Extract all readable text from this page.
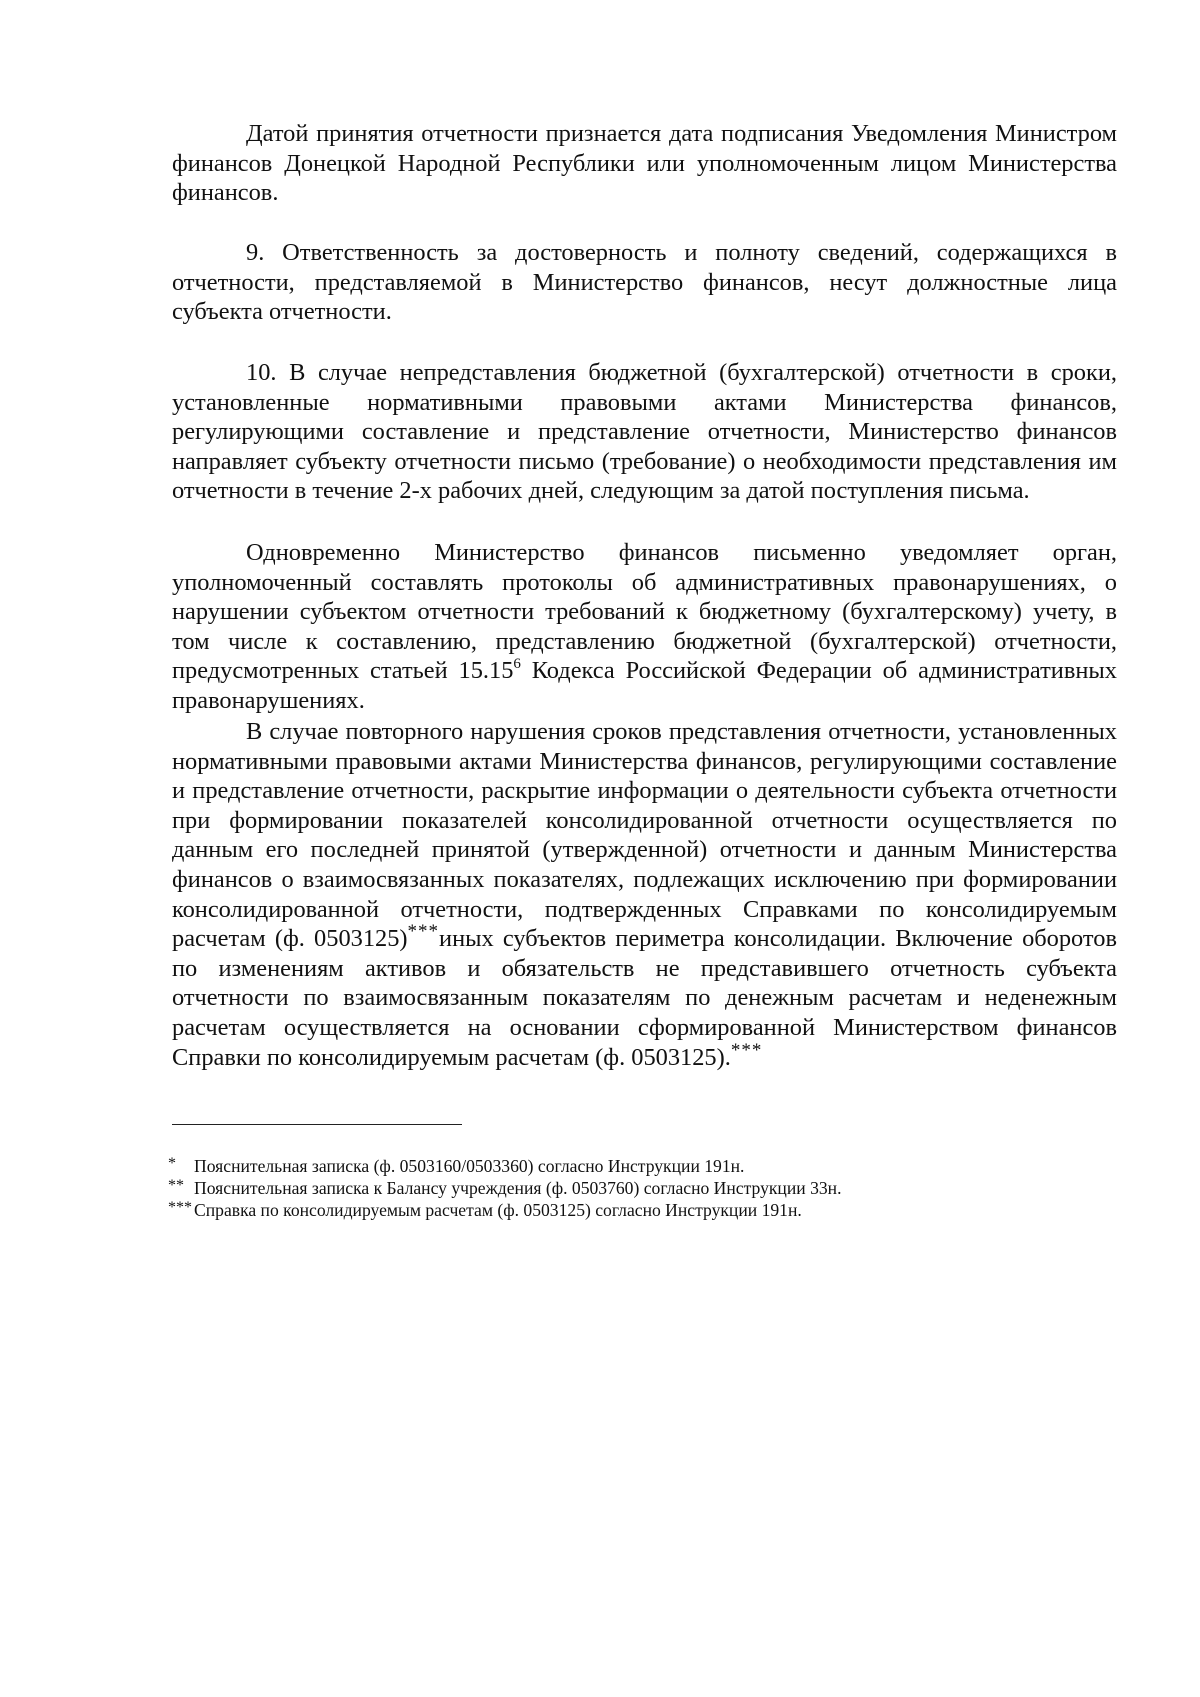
Датой принятия отчетности признается дата подписания Уведомления Министром финансов Донецкой Народной Республики или уполномоченным лицом Министерства финансов.

9. Ответственность за достоверность и полноту сведений, содержащихся в отчетности, представляемой в Министерство финансов, несут должностные лица субъекта отчетности.

10. В случае непредставления бюджетной (бухгалтерской) отчетности в сроки, установленные нормативными правовыми актами Министерства финансов, регулирующими составление и представление отчетности, Министерство финансов направляет субъекту отчетности письмо (требование) о необходимости представления им отчетности в течение 2-х рабочих дней, следующим за датой поступления письма.

Одновременно Министерство финансов письменно уведомляет орган, уполномоченный составлять протоколы об административных правонарушениях, о нарушении субъектом отчетности требований к бюджетному (бухгалтерскому) учету, в том числе к составлению, представлению бюджетной (бухгалтерской) отчетности, предусмотренных статьей 15.15$^6$ Кодекса Российской Федерации об административных правонарушениях.

В случае повторного нарушения сроков представления отчетности, установленных нормативными правовыми актами Министерства финансов, регулирующими составление и представление отчетности, раскрытие информации о деятельности субъекта отчетности при формировании показателей консолидированной отчетности осуществляется по данным его последней принятой (утвержденной) отчетности и данным Министерства финансов о взаимосвязанных показателях, подлежащих исключению при формировании консолидированной отчетности, подтвержденных Справками по консолидируемым расчетам (ф. 0503125)***иных субъектов периметра консолидации. Включение оборотов по изменениям активов и обязательств не представившего отчетность субъекта отчетности по взаимосвязанным показателям по денежным расчетам и неденежным расчетам осуществляется на основании сформированной Министерством финансов Справки по консолидируемым расчетам (ф. 0503125).***

* Пояснительная записка (ф. 0503160/0503360) согласно Инструкции 191н.
** Пояснительная записка к Балансу учреждения (ф. 0503760) согласно Инструкции 33н.
*** Справка по консолидируемым расчетам (ф. 0503125) согласно Инструкции 191н.
